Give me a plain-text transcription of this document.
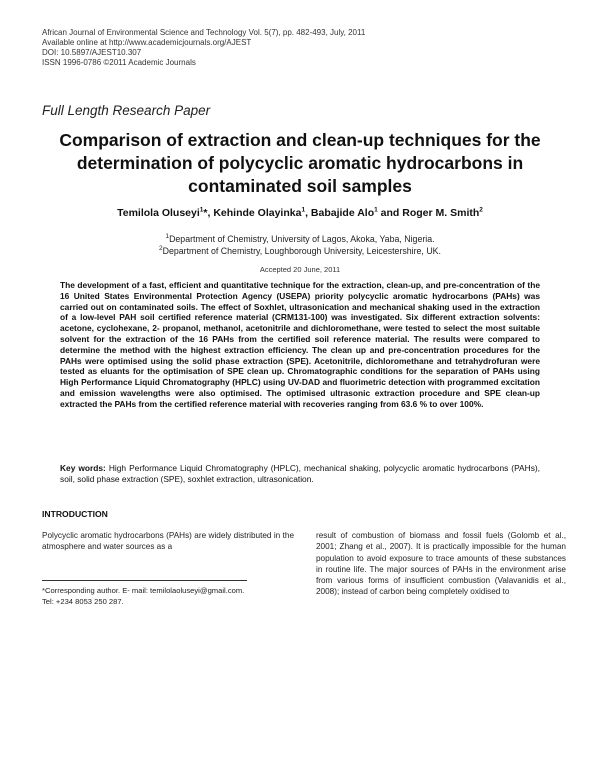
African Journal of Environmental Science and Technology Vol. 5(7), pp. 482-493, July, 2011
Available online at http://www.academicjournals.org/AJEST
DOI: 10.5897/AJEST10.307
ISSN 1996-0786 ©2011 Academic Journals
Full Length Research Paper
Comparison of extraction and clean-up techniques for the determination of polycyclic aromatic hydrocarbons in contaminated soil samples
Temilola Oluseyi$^1$*, Kehinde Olayinka$^1$, Babajide Alo$^1$ and Roger M. Smith$^2$
$^1$Department of Chemistry, University of Lagos, Akoka, Yaba, Nigeria.
$^2$Department of Chemistry, Loughborough University, Leicestershire, UK.
Accepted 20 June, 2011
The development of a fast, efficient and quantitative technique for the extraction, clean-up, and pre-concentration of the 16 United States Environmental Protection Agency (USEPA) priority polycyclic aromatic hydrocarbons (PAHs) was carried out on contaminated soils. The effect of Soxhlet, ultrasonication and mechanical shaking used in the extraction of a low-level PAH soil certified reference material (CRM131-100) was investigated. Six different extraction solvents: acetone, cyclohexane, 2- propanol, methanol, acetonitrile and dichloromethane, were tested to select the most suitable solvent for the extraction of the 16 PAHs from the certified soil reference material. The results were compared to determine the method with the highest extraction efficiency. The clean up and pre-concentration procedures for the PAHs were optimised using the solid phase extraction (SPE). Acetonitrile, dichloromethane and tetrahydrofuran were tested as eluants for the optimisation of SPE clean up. Chromatographic conditions for the separation of PAHs using High Performance Liquid Chromatography (HPLC) using UV-DAD and fluorimetric detection with programmed excitation and emission wavelengths were also optimised. The optimised ultrasonic extraction procedure and SPE clean-up extracted the PAHs from the certified reference material with recoveries ranging from 63.6 % to over 100%.
Key words: High Performance Liquid Chromatography (HPLC), mechanical shaking, polycyclic aromatic hydrocarbons (PAHs), soil, solid phase extraction (SPE), soxhlet extraction, ultrasonication.
INTRODUCTION
Polycyclic aromatic hydrocarbons (PAHs) are widely distributed in the atmosphere and water sources as a
result of combustion of biomass and fossil fuels (Golomb et al., 2001; Zhang et al., 2007). It is practically impossible for the human population to avoid exposure to trace amounts of these substances in routine life. The major sources of PAHs in the environment arise from various forms of insufficient combustion (Valavanidis et al., 2008); instead of carbon being completely oxidised to
*Corresponding author. E- mail: temilolaoluseyi@gmail.com.
Tel: +234 8053 250 287.
